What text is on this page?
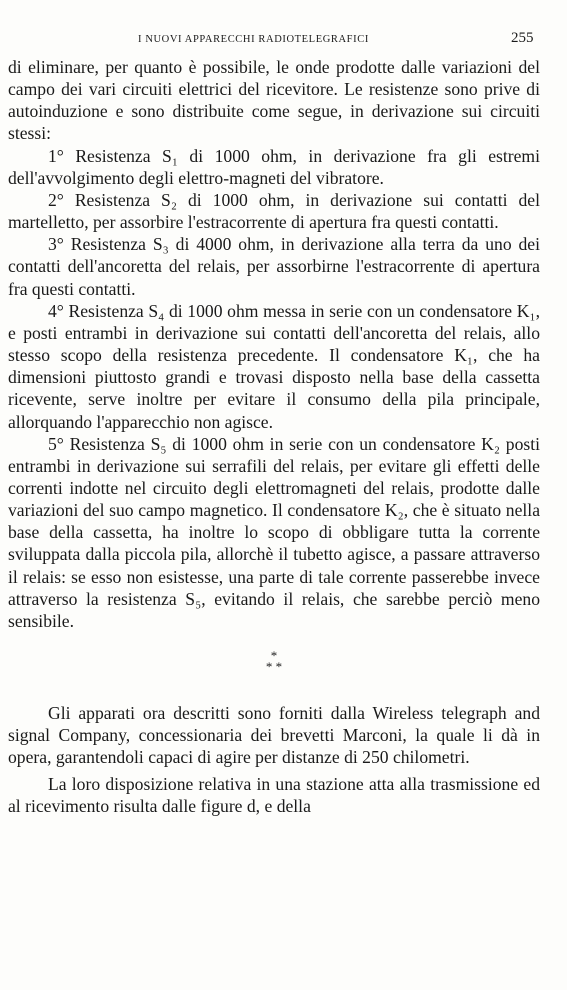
I NUOVI APPARECCHI RADIOTELEGRAFICI	255

di eliminare, per quanto è possibile, le onde prodotte dalle variazioni del campo dei vari circuiti elettrici del ricevitore. Le resistenze sono prive di autoinduzione e sono distribuite come segue, in derivazione sui circuiti stessi:

1° Resistenza S₁ di 1000 ohm, in derivazione fra gli estremi dell'avvolgimento degli elettro-magneti del vibratore.

2° Resistenza S₂ di 1000 ohm, in derivazione sui contatti del martelletto, per assorbire l'estracorrente di apertura fra questi contatti.

3° Resistenza S₃ di 4000 ohm, in derivazione alla terra da uno dei contatti dell'ancoretta del relais, per assorbirne l'estracorrente di apertura fra questi contatti.

4° Resistenza S₄ di 1000 ohm messa in serie con un condensatore K₁, e posti entrambi in derivazione sui contatti dell'ancoretta del relais, allo stesso scopo della resistenza precedente. Il condensatore K₁, che ha dimensioni piuttosto grandi e trovasi disposto nella base della cassetta ricevente, serve inoltre per evitare il consumo della pila principale, allorquando l'apparecchio non agisce.

5° Resistenza S₅ di 1000 ohm in serie con un condensatore K₂ posti entrambi in derivazione sui serrafili del relais, per evitare gli effetti delle correnti indotte nel circuito degli elettromagneti del relais, prodotte dalle variazioni del suo campo magnetico. Il condensatore K₂, che è situato nella base della cassetta, ha inoltre lo scopo di obbligare tutta la corrente sviluppata dalla piccola pila, allorchè il tubetto agisce, a passare attraverso il relais: se esso non esistesse, una parte di tale corrente passerebbe invece attraverso la resistenza S₅, evitando il relais, che sarebbe perciò meno sensibile.

*
* *

Gli apparati ora descritti sono forniti dalla Wireless telegraph and signal Company, concessionaria dei brevetti Marconi, la quale li dà in opera, garantendoli capaci di agire per distanze di 250 chilometri.

La loro disposizione relativa in una stazione atta alla trasmissione ed al ricevimento risulta dalle figure d, e della
